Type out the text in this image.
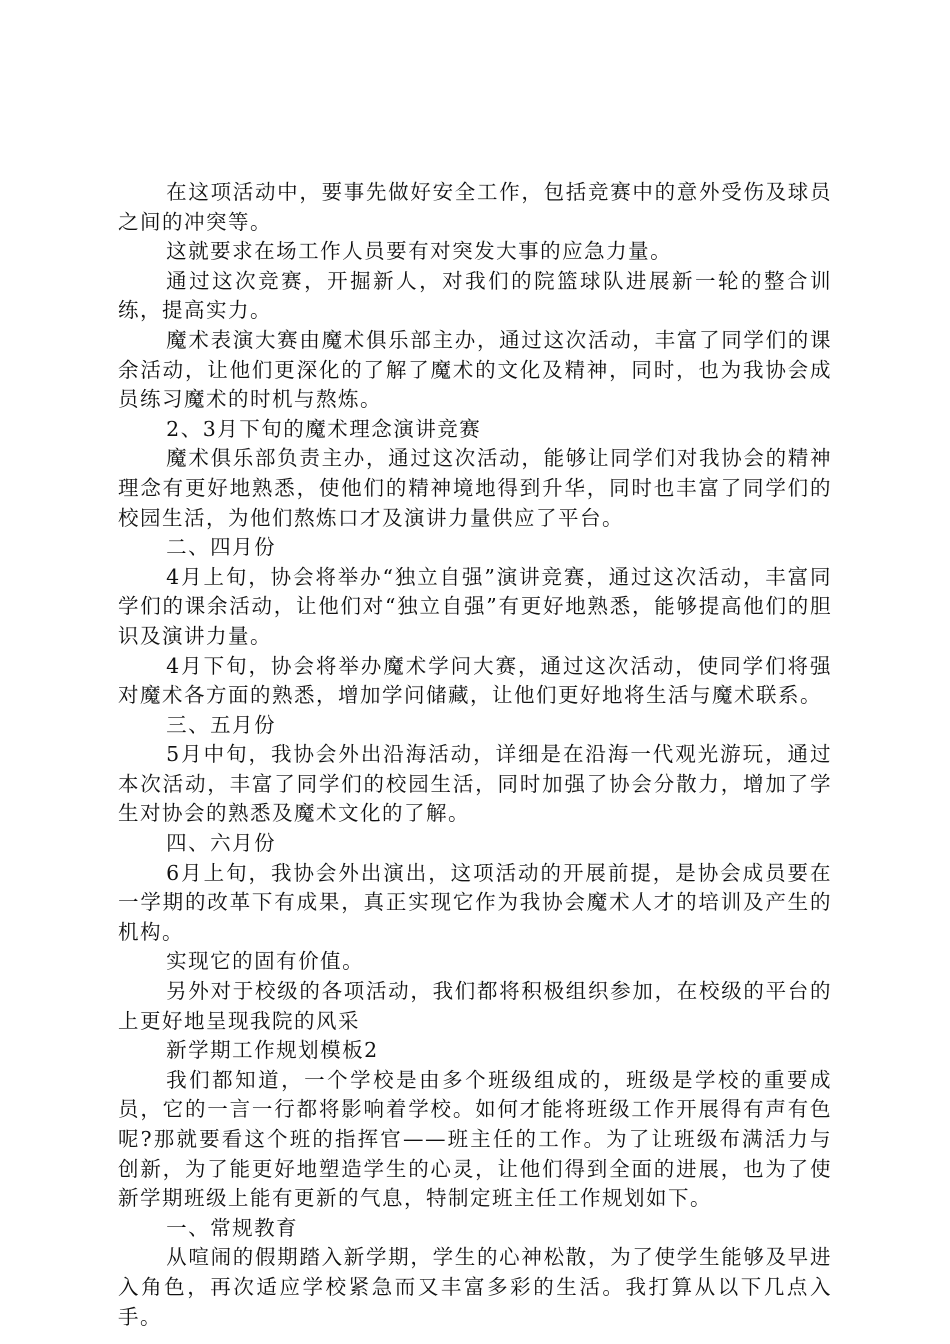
在这项活动中，要事先做好安全工作，包括竞赛中的意外受伤及球员之间的冲突等。

这就要求在场工作人员要有对突发大事的应急力量。

通过这次竞赛，开掘新人，对我们的院篮球队进展新一轮的整合训练，提高实力。

魔术表演大赛由魔术俱乐部主办，通过这次活动，丰富了同学们的课余活动，让他们更深化的了解了魔术的文化及精神，同时，也为我协会成员练习魔术的时机与熬炼。

2、3月下旬的魔术理念演讲竞赛

魔术俱乐部负责主办，通过这次活动，能够让同学们对我协会的精神理念有更好地熟悉，使他们的精神境地得到升华，同时也丰富了同学们的校园生活，为他们熬炼口才及演讲力量供应了平台。

二、四月份

4月上旬，协会将举办“独立自强”演讲竞赛，通过这次活动，丰富同学们的课余活动，让他们对“独立自强”有更好地熟悉，能够提高他们的胆识及演讲力量。

4月下旬，协会将举办魔术学问大赛，通过这次活动，使同学们将强对魔术各方面的熟悉，增加学问储藏，让他们更好地将生活与魔术联系。

三、五月份

5月中旬，我协会外出沿海活动，详细是在沿海一代观光游玩，通过本次活动，丰富了同学们的校园生活，同时加强了协会分散力，增加了学生对协会的熟悉及魔术文化的了解。

四、六月份

6月上旬，我协会外出演出，这项活动的开展前提，是协会成员要在一学期的改革下有成果，真正实现它作为我协会魔术人才的培训及产生的机构。

实现它的固有价值。

另外对于校级的各项活动，我们都将积极组织参加，在校级的平台的上更好地呈现我院的风采

新学期工作规划模板2

我们都知道，一个学校是由多个班级组成的，班级是学校的重要成员，它的一言一行都将影响着学校。如何才能将班级工作开展得有声有色呢?那就要看这个班的指挥官——班主任的工作。为了让班级布满活力与创新，为了能更好地塑造学生的心灵，让他们得到全面的进展，也为了使新学期班级上能有更新的气息，特制定班主任工作规划如下。

一、常规教育

从喧闹的假期踏入新学期，学生的心神松散，为了使学生能够及早进入角色，再次适应学校紧急而又丰富多彩的生活。我打算从以下几点入手。
